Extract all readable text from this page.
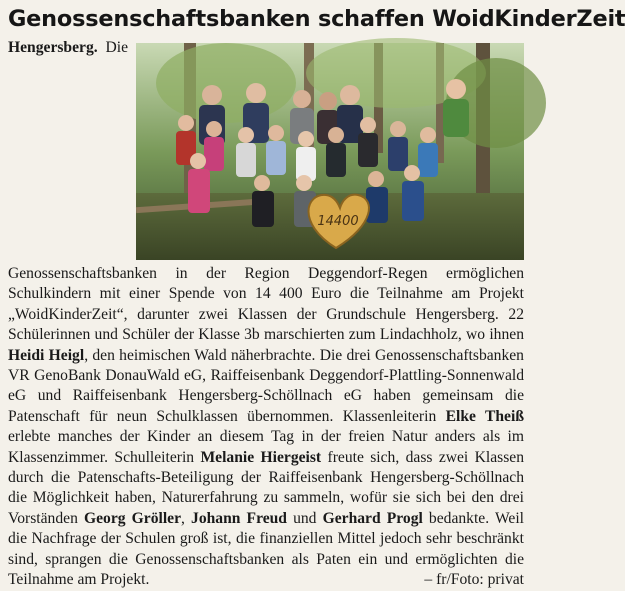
Genossenschaftsbanken schaffen WoidKinderZeit
14400
Hengersberg. Die Genossenschaftsbanken in der Region Deggendorf-Regen ermöglichen Schulkindern mit einer Spende von 14 400 Euro die Teilnahme am Projekt „WoidKinderZeit“, darunter zwei Klassen der Grundschule Hengersberg. 22 Schülerinnen und Schüler der Klasse 3b marschierten zum Lindachholz, wo ihnen Heidi Heigl, den heimischen Wald näherbrachte. Die drei Genossenschaftsbanken VR GenoBank DonauWald eG, Raiffeisenbank Deggendorf-Plattling-Sonnenwald eG und Raiffeisenbank Hengersberg-Schöllnach eG haben gemeinsam die Patenschaft für neun Schulklassen übernommen. Klassenleiterin Elke Theiß erlebte manches der Kinder an diesem Tag in der freien Natur anders als im Klassenzimmer. Schulleiterin Melanie Hiergeist freute sich, dass zwei Klassen durch die Patenschafts-Beteiligung der Raiffeisenbank Hengersberg-Schöllnach die Möglichkeit haben, Naturerfahrung zu sammeln, wofür sie sich bei den drei Vorständen Georg Gröller, Johann Freud und Gerhard Progl bedankte. Weil die Nachfrage der Schulen groß ist, die finanziellen Mittel jedoch sehr beschränkt sind, sprangen die Genossenschaftsbanken als Paten ein und ermöglichten die Teilnahme am Projekt.	– fr/Foto: privat
